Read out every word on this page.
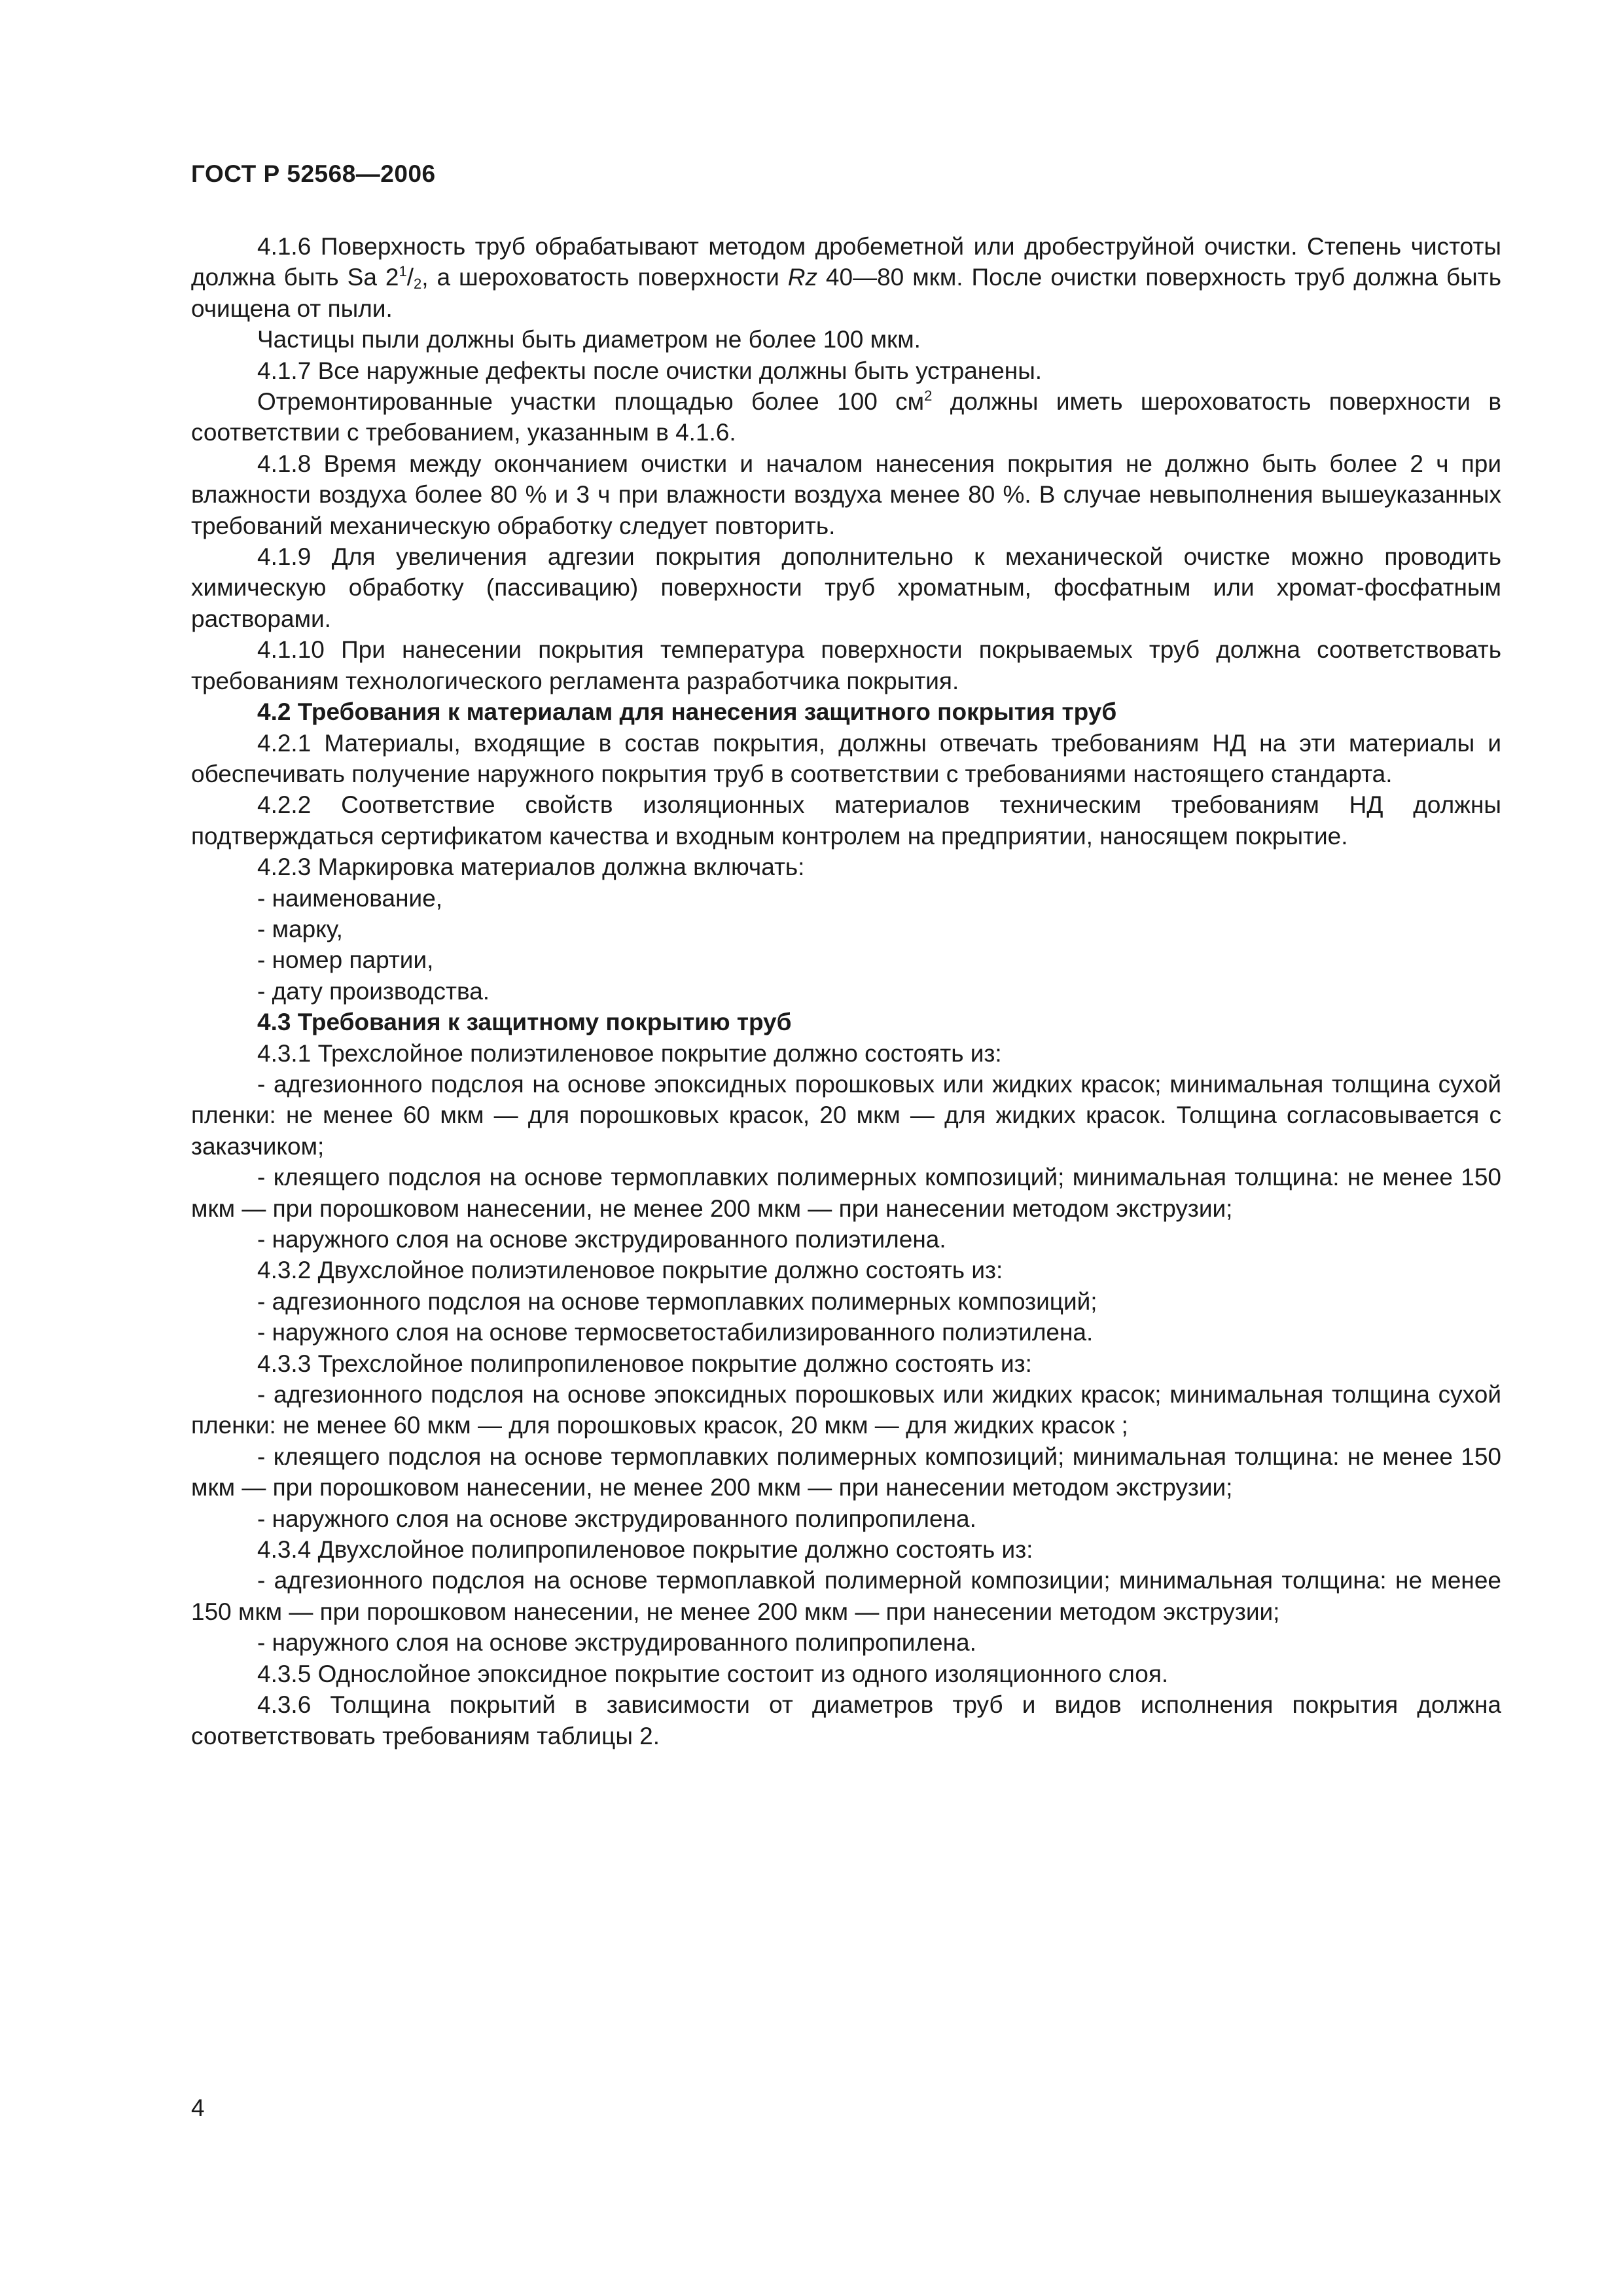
ГОСТ Р 52568—2006

4.1.6 Поверхность труб обрабатывают методом дробеметной или дробеструйной очистки. Степень чистоты должна быть Sa $2^1/_2$, а шероховатость поверхности Rz 40—80 мкм. После очистки поверхность труб должна быть очищена от пыли.

Частицы пыли должны быть диаметром не более 100 мкм.

4.1.7 Все наружные дефекты после очистки должны быть устранены.

Отремонтированные участки площадью более 100 $см^2$ должны иметь шероховатость поверхности в соответствии с требованием, указанным в 4.1.6.

4.1.8 Время между окончанием очистки и началом нанесения покрытия не должно быть более 2 ч при влажности воздуха более 80 % и 3 ч при влажности воздуха менее 80 %. В случае невыполнения вышеуказанных требований механическую обработку следует повторить.

4.1.9 Для увеличения адгезии покрытия дополнительно к механической очистке можно проводить химическую обработку (пассивацию) поверхности труб хроматным, фосфатным или хромат-фосфатным растворами.

4.1.10 При нанесении покрытия температура поверхности покрываемых труб должна соответствовать требованиям технологического регламента разработчика покрытия.

4.2 Требования к материалам для нанесения защитного покрытия труб

4.2.1 Материалы, входящие в состав покрытия, должны отвечать требованиям НД на эти материалы и обеспечивать получение наружного покрытия труб в соответствии с требованиями настоящего стандарта.

4.2.2 Соответствие свойств изоляционных материалов техническим требованиям НД должны подтверждаться сертификатом качества и входным контролем на предприятии, наносящем покрытие.

4.2.3 Маркировка материалов должна включать:

- наименование,

- марку,

- номер партии,

- дату производства.

4.3 Требования к защитному покрытию труб

4.3.1 Трехслойное полиэтиленовое покрытие должно состоять из:

- адгезионного подслоя на основе эпоксидных порошковых или жидких красок; минимальная толщина сухой пленки: не менее 60 мкм — для порошковых красок, 20 мкм — для жидких красок. Толщина согласовывается с заказчиком;

- клеящего подслоя на основе термоплавких полимерных композиций; минимальная толщина: не менее 150 мкм — при порошковом нанесении, не менее 200 мкм — при нанесении методом экструзии;

- наружного слоя на основе экструдированного полиэтилена.

4.3.2 Двухслойное полиэтиленовое покрытие должно состоять из:

- адгезионного подслоя на основе термоплавких полимерных композиций;

- наружного слоя на основе термосветостабилизированного полиэтилена.

4.3.3 Трехслойное полипропиленовое покрытие должно состоять из:

- адгезионного подслоя на основе эпоксидных порошковых или жидких красок; минимальная толщина сухой пленки: не менее 60 мкм — для порошковых красок, 20 мкм — для жидких красок ;

- клеящего подслоя на основе термоплавких полимерных композиций; минимальная толщина: не менее 150 мкм — при порошковом нанесении, не менее 200 мкм — при нанесении методом экструзии;

- наружного слоя на основе экструдированного полипропилена.

4.3.4 Двухслойное полипропиленовое покрытие должно состоять из:

- адгезионного подслоя на основе термоплавкой полимерной композиции; минимальная толщина: не менее 150 мкм — при порошковом нанесении, не менее 200 мкм — при нанесении методом экструзии;

- наружного слоя на основе экструдированного полипропилена.

4.3.5 Однослойное эпоксидное покрытие состоит из одного изоляционного слоя.

4.3.6 Толщина покрытий в зависимости от диаметров труб и видов исполнения покрытия должна соответствовать требованиям таблицы 2.

4
